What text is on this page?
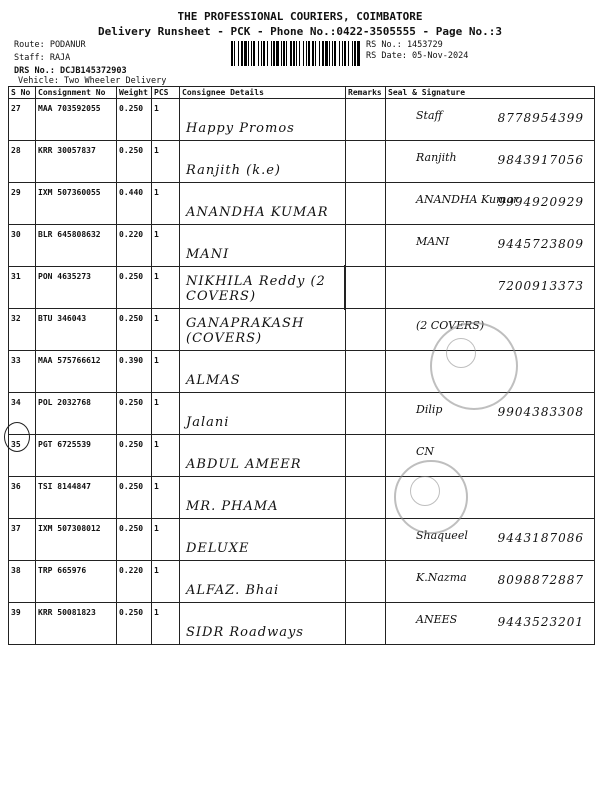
THE PROFESSIONAL COURIERS, COIMBATORE
Delivery Runsheet - PCK - Phone No.:0422-3505555 - Page No.:3
Route: PODANUR
Staff: RAJA
DRS No.: DCJB145372903
Vehicle: Two Wheeler Delivery
RS No.: 1453729
RS Date: 05-Nov-2024
S No	Consignment No	Weight	PCS	Consignee Details	Remarks	Seal & Signature
27	MAA 703592055	0.250	1	Happy Promos		Staff 8778954399

28	KRR 30057837	0.250	1	Ranjith (k.e)		Ranjith 9843917056

29	IXM 507360055	0.440	1	ANANDHA KUMAR		ANANDHA Kumar
9994920929

30	BLR 645808632	0.220	1	MANI		MANI 9445723809

31	PON 4635273	0.250	1	NIKHILA Reddy (2 COVERS)		7200913373

32	BTU 346043	0.250	1	GANAPRAKASH (COVERS)		(2 COVERS)

33	MAA 575766612	0.390	1	ALMAS		

34	POL 2032768	0.250	1	Jalani		Dilip 9904383308

35	PGT 6725539	0.250	1	ABDUL AMEER		CN

36	TSI 8144847	0.250	1	MR. PHAMA		

37	IXM 507308012	0.250	1	DELUXE		Shaqueel 9443187086

38	TRP 665976	0.220	1	ALFAZ. Bhai		K.Nazma 8098872887

39	KRR 50081823	0.250	1	SIDR Roadways		ANEES 9443523201
